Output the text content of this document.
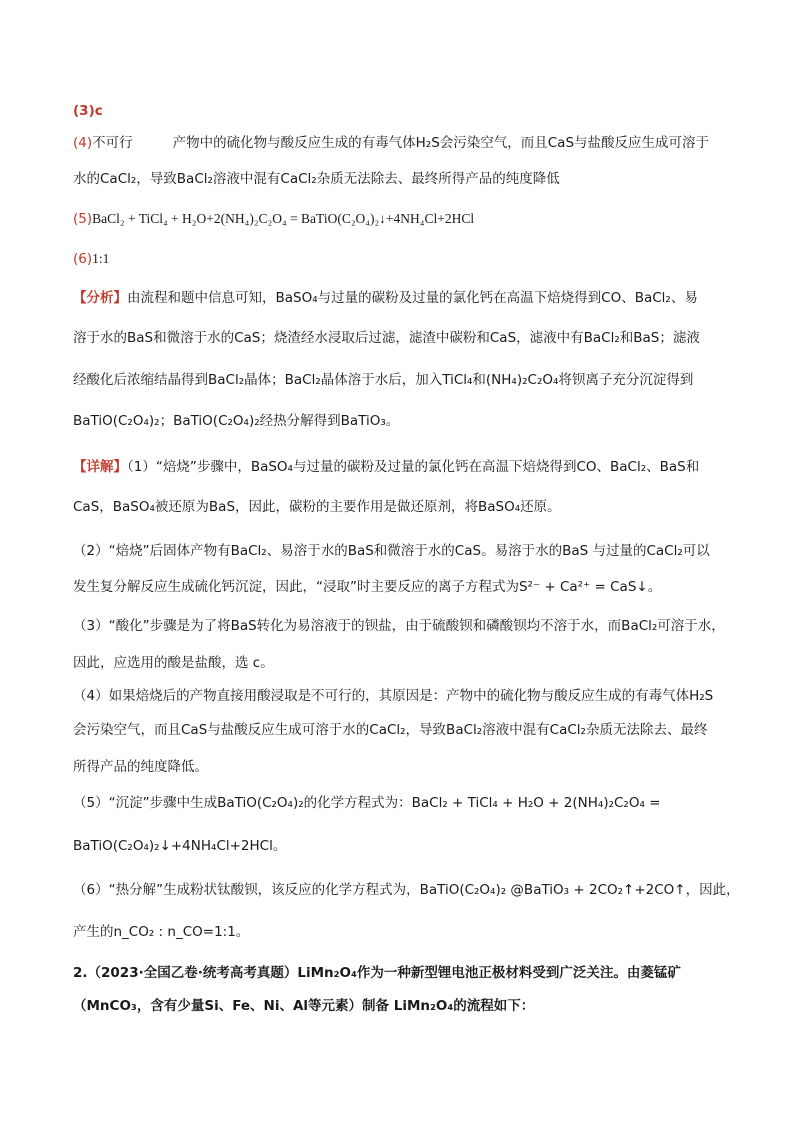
(3)c
(4)不可行	产物中的硫化物与酸反应生成的有毒气体H₂S会污染空气，而且CaS与盐酸反应生成可溶于
水的CaCl₂，导致BaCl₂溶液中混有CaCl₂杂质无法除去、最终所得产品的纯度降低
(5)BaCl₂ + TiCl₄ + H₂O+2(NH₄)₂C₂O₄ = BaTiO(C₂O₄)₂↓+4NH₄Cl+2HCl
(6)1:1
【分析】由流程和题中信息可知，BaSO₄与过量的碳粉及过量的氯化钙在高温下焙烧得到CO、BaCl₂、易
溶于水的BaS和微溶于水的CaS；烧渣经水浸取后过滤，滤渣中碳粉和CaS，滤液中有BaCl₂和BaS；滤液
经酸化后浓缩结晶得到BaCl₂晶体；BaCl₂晶体溶于水后，加入TiCl₄和(NH₄)₂C₂O₄将钡离子充分沉淀得到
BaTiO(C₂O₄)₂；BaTiO(C₂O₄)₂经热分解得到BaTiO₃。
【详解】（1）“焙烧”步骤中，BaSO₄与过量的碳粉及过量的氯化钙在高温下焙烧得到CO、BaCl₂、BaS和
CaS，BaSO₄被还原为BaS，因此，碳粉的主要作用是做还原剂，将BaSO₄还原。
（2）“焙烧”后固体产物有BaCl₂、易溶于水的BaS和微溶于水的CaS。易溶于水的BaS 与过量的CaCl₂可以
发生复分解反应生成硫化钙沉淀，因此，“浸取”时主要反应的离子方程式为S²⁻ + Ca²⁺ = CaS↓。
（3）“酸化”步骤是为了将BaS转化为易溶液于的钡盐，由于硫酸钡和磷酸钡均不溶于水，而BaCl₂可溶于水，
因此，应选用的酸是盐酸，选 c。
（4）如果焙烧后的产物直接用酸浸取是不可行的，其原因是：产物中的硫化物与酸反应生成的有毒气体H₂S
会污染空气，而且CaS与盐酸反应生成可溶于水的CaCl₂，导致BaCl₂溶液中混有CaCl₂杂质无法除去、最终
所得产品的纯度降低。
（5）“沉淀”步骤中生成BaTiO(C₂O₄)₂的化学方程式为：BaCl₂ + TiCl₄ + H₂O + 2(NH₄)₂C₂O₄ =
BaTiO(C₂O₄)₂↓+4NH₄Cl+2HCl。
（6）“热分解”生成粉状钛酸钡，该反应的化学方程式为，BaTiO(C₂O₄)₂ @BaTiO₃ + 2CO₂↑+2CO↑，因此，
产生的n_CO₂ : n_CO=1:1。
2.（2023·全国乙卷·统考高考真题）LiMn₂O₄作为一种新型锂电池正极材料受到广泛关注。由菱锰矿
（MnCO₃，含有少量Si、Fe、Ni、Al等元素）制备 LiMn₂O₄的流程如下：
